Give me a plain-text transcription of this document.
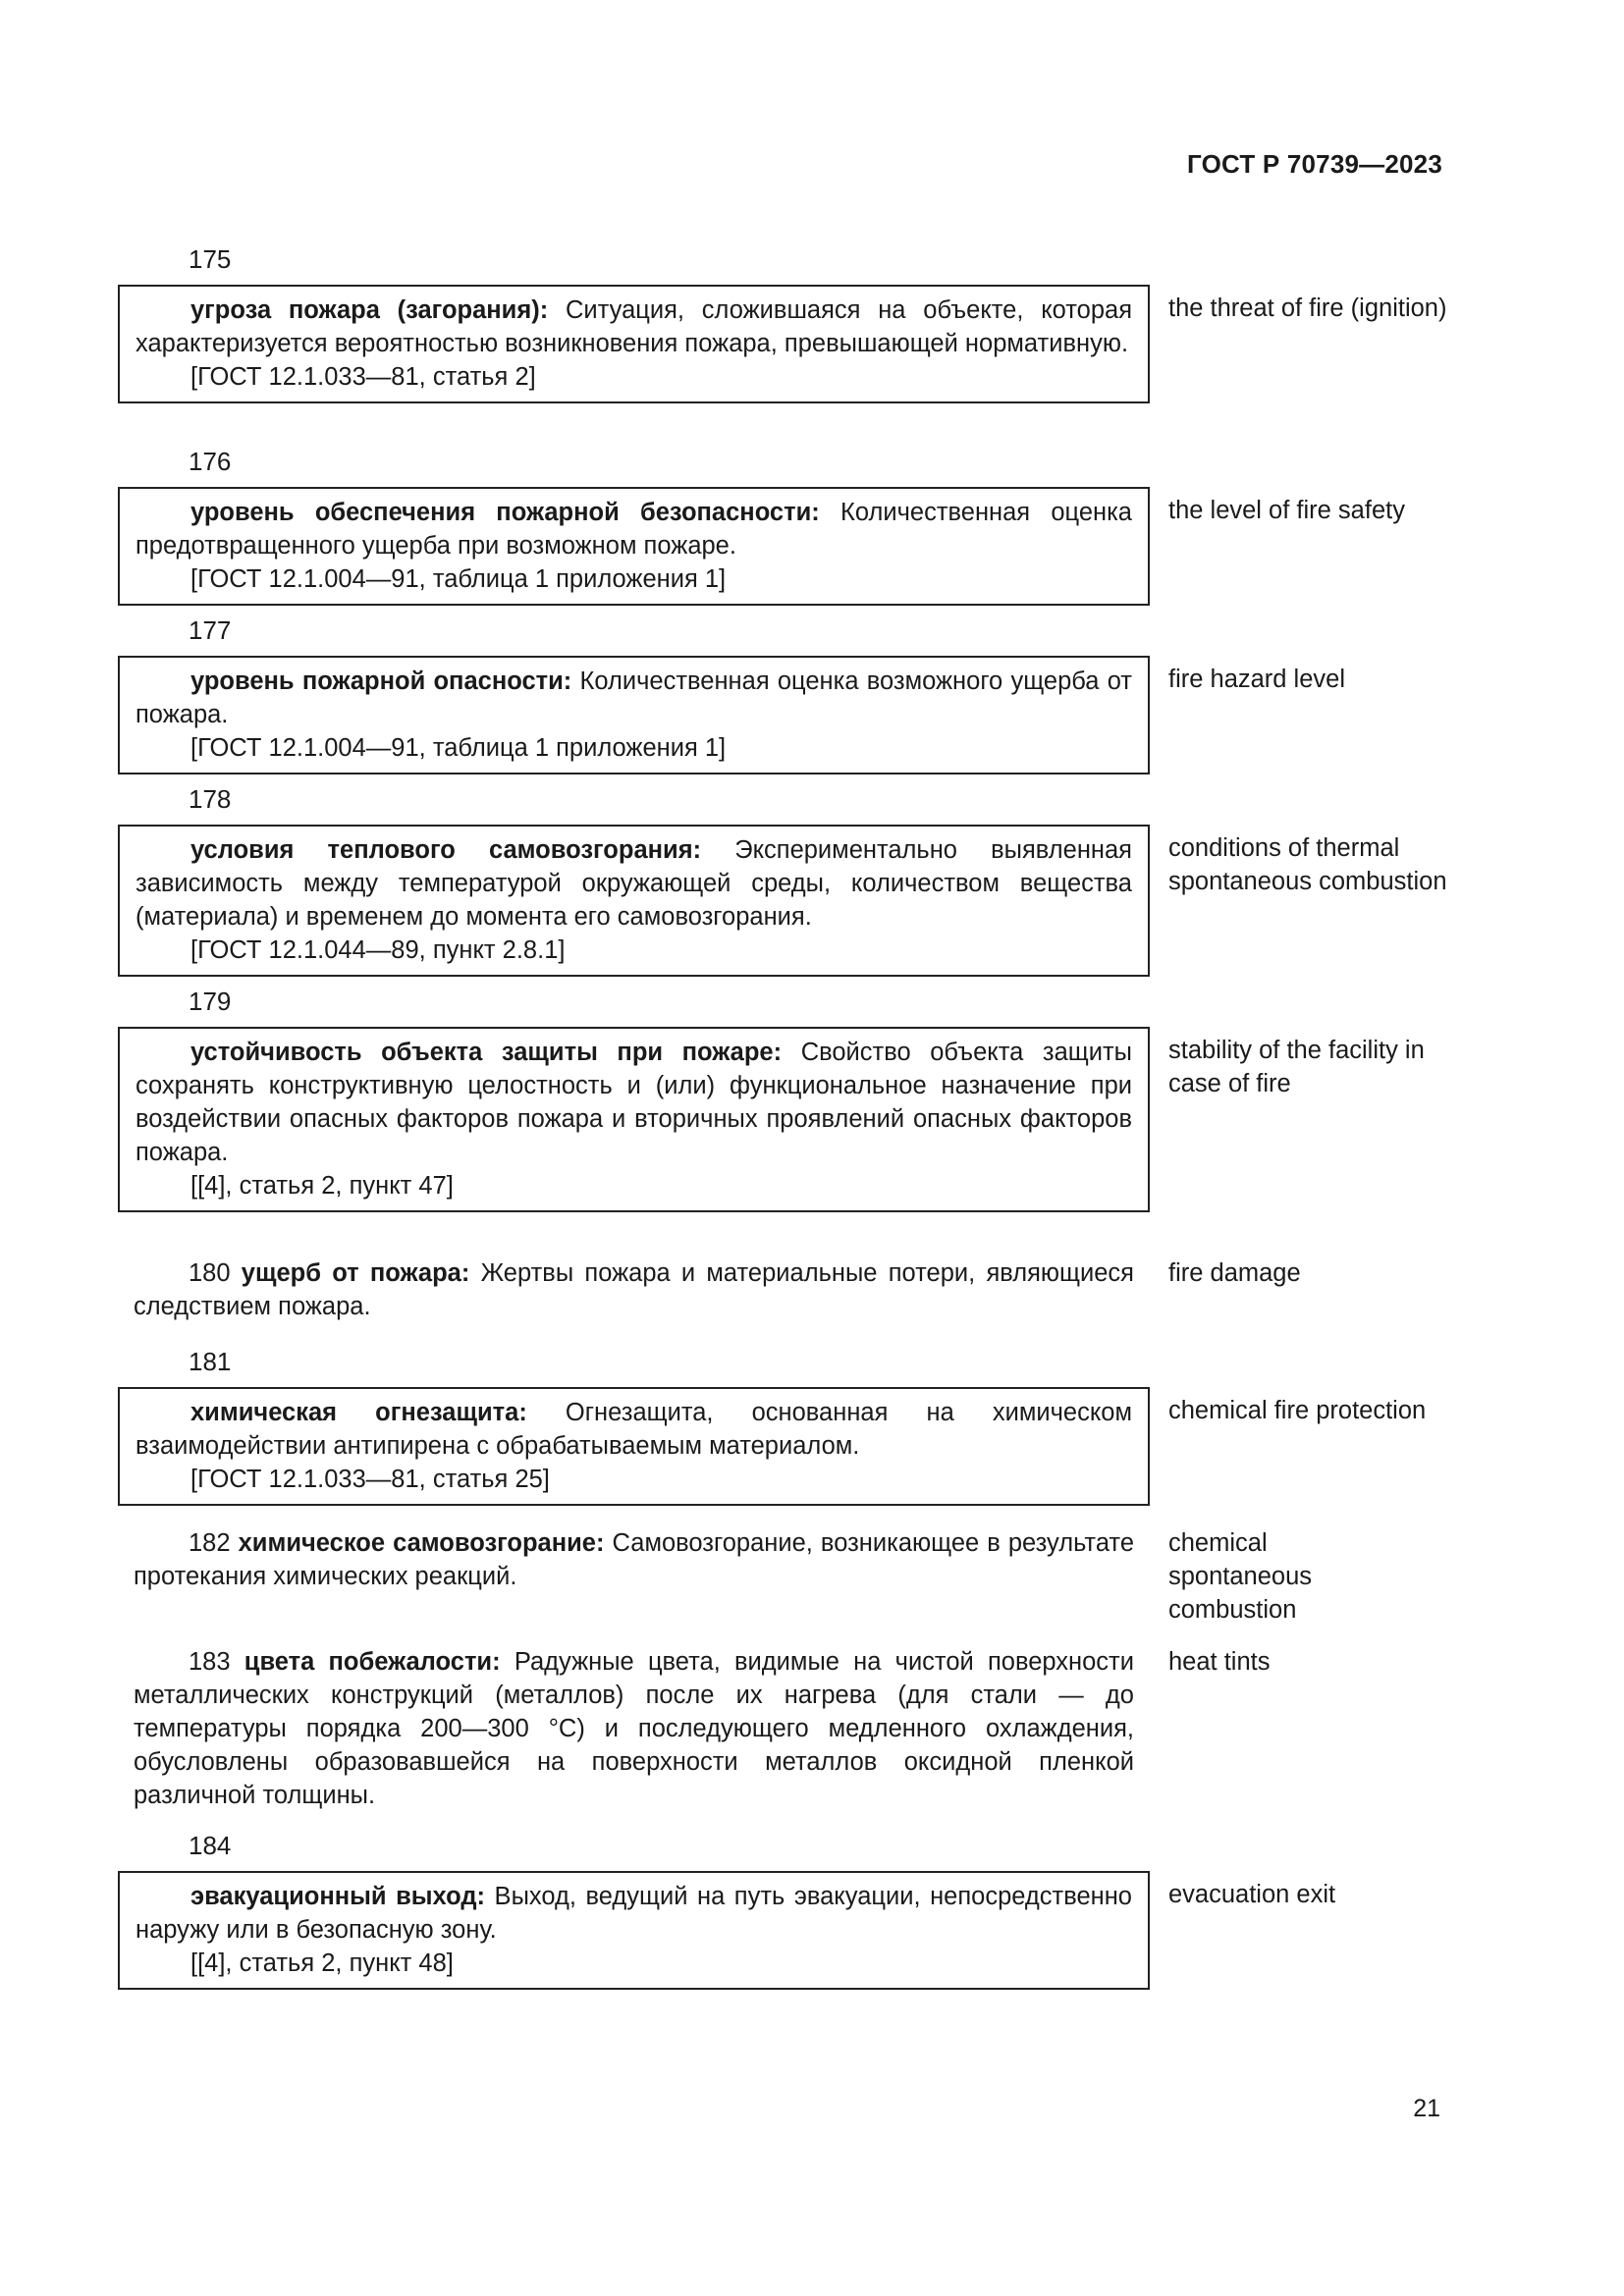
ГОСТ Р 70739—2023
175

угроза пожара (загорания): Ситуация, сложившаяся на объекте, которая характеризуется вероятностью возникновения пожара, превышающей нормативную.

[ГОСТ 12.1.033—81, статья 2]

the threat of fire (ignition)
176

уровень обеспечения пожарной безопасности: Количественная оценка предотвращенного ущерба при возможном пожаре.

[ГОСТ 12.1.004—91, таблица 1 приложения 1]

the level of fire safety
177

уровень пожарной опасности: Количественная оценка возможного ущерба от пожара.

[ГОСТ 12.1.004—91, таблица 1 приложения 1]

fire hazard level
178

условия теплового самовозгорания: Экспериментально выявленная зависимость между температурой окружающей среды, количеством вещества (материала) и временем до момента его самовозгорания.

[ГОСТ 12.1.044—89, пункт 2.8.1]

conditions of thermal spontaneous combustion
179

устойчивость объекта защиты при пожаре: Свойство объекта защиты сохранять конструктивную целостность и (или) функциональное назначение при воздействии опасных факторов пожара и вторичных проявлений опасных факторов пожара.

[[4], статья 2, пункт 47]

stability of the facility in case of fire

180 ущерб от пожара: Жертвы пожара и материальные потери, являющиеся следствием пожара.

fire damage
181

химическая огнезащита: Огнезащита, основанная на химическом взаимодействии антипирена с обрабатываемым материалом.

[ГОСТ 12.1.033—81, статья 25]

chemical fire protection

182 химическое самовозгорание: Самовозгорание, возникающее в результате протекания химических реакций.

chemical spontaneous combustion

183 цвета побежалости: Радужные цвета, видимые на чистой поверхности металлических конструкций (металлов) после их нагрева (для стали — до температуры порядка 200—300 °С) и последующего медленного охлаждения, обусловлены образовавшейся на поверхности металлов оксидной пленкой различной толщины.

heat tints
184

эвакуационный выход: Выход, ведущий на путь эвакуации, непосредственно наружу или в безопасную зону.

[[4], статья 2, пункт 48]

evacuation exit
21
